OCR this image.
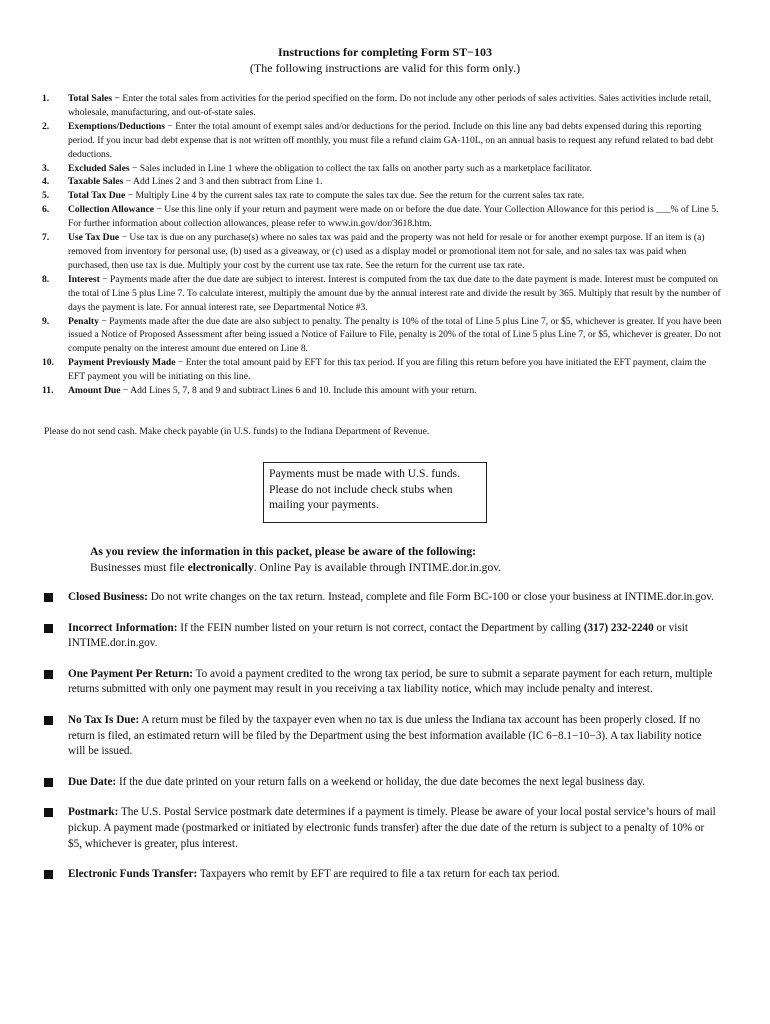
Instructions for completing Form ST−103
(The following instructions are valid for this form only.)
1.	Total Sales − Enter the total sales from activities for the period specified on the form. Do not include any other periods of sales activities. Sales activities include retail, wholesale, manufacturing, and out-of-state sales.
2.	Exemptions/Deductions − Enter the total amount of exempt sales and/or deductions for the period. Include on this line any bad debts expensed during this reporting period. If you incur bad debt expense that is not written off monthly, you must file a refund claim GA-110L, on an annual basis to request any refund related to bad debt deductions.
3.	Excluded Sales − Sales included in Line 1 where the obligation to collect the tax falls on another party such as a marketplace facilitator.
4.	Taxable Sales − Add Lines 2 and 3 and then subtract from Line 1.
5.	Total Tax Due − Multiply Line 4 by the current sales tax rate to compute the sales tax due. See the return for the current sales tax rate.
6.	Collection Allowance − Use this line only if your return and payment were made on or before the due date. Your Collection Allowance for this period is ___% of Line 5. For further information about collection allowances, please refer to www.in.gov/dor/3618.htm.
7.	Use Tax Due − Use tax is due on any purchase(s) where no sales tax was paid and the property was not held for resale or for another exempt purpose. If an item is (a) removed from inventory for personal use, (b) used as a giveaway, or (c) used as a display model or promotional item not for sale, and no sales tax was paid when purchased, then use tax is due. Multiply your cost by the current use tax rate. See the return for the current use tax rate.
8.	Interest − Payments made after the due date are subject to interest. Interest is computed from the tax due date to the date payment is made. Interest must be computed on the total of Line 5 plus Line 7. To calculate interest, multiply the amount due by the annual interest rate and divide the result by 365. Multiply that result by the number of days the payment is late. For annual interest rate, see Departmental Notice #3.
9.	Penalty − Payments made after the due date are also subject to penalty. The penalty is 10% of the total of Line 5 plus Line 7, or $5, whichever is greater. If you have been issued a Notice of Proposed Assessment after being issued a Notice of Failure to File, penalty is 20% of the total of Line 5 plus Line 7, or $5, whichever is greater. Do not compute penalty on the interest amount due entered on Line 8.
10.	Payment Previously Made − Enter the total amount paid by EFT for this tax period. If you are filing this return before you have initiated the EFT payment, claim the EFT payment you will be initiating on this line.
11.	Amount Due − Add Lines 5, 7, 8 and 9 and subtract Lines 6 and 10. Include this amount with your return.
Please do not send cash. Make check payable (in U.S. funds) to the Indiana Department of Revenue.
Payments must be made with U.S. funds.
Please do not include check stubs when
mailing your payments.
As you review the information in this packet, please be aware of the following:
Businesses must file electronically. Online Pay is available through INTIME.dor.in.gov.
Closed Business: Do not write changes on the tax return. Instead, complete and file Form BC-100 or close your business at INTIME.dor.in.gov.
Incorrect Information: If the FEIN number listed on your return is not correct, contact the Department by calling (317) 232-2240 or visit INTIME.dor.in.gov.
One Payment Per Return: To avoid a payment credited to the wrong tax period, be sure to submit a separate payment for each return, multiple returns submitted with only one payment may result in you receiving a tax liability notice, which may include penalty and interest.
No Tax Is Due: A return must be filed by the taxpayer even when no tax is due unless the Indiana tax account has been properly closed. If no return is filed, an estimated return will be filed by the Department using the best information available (IC 6−8.1−10−3). A tax liability notice will be issued.
Due Date: If the due date printed on your return falls on a weekend or holiday, the due date becomes the next legal business day.
Postmark: The U.S. Postal Service postmark date determines if a payment is timely. Please be aware of your local postal service’s hours of mail pickup. A payment made (postmarked or initiated by electronic funds transfer) after the due date of the return is subject to a penalty of 10% or $5, whichever is greater, plus interest.
Electronic Funds Transfer: Taxpayers who remit by EFT are required to file a tax return for each tax period.
